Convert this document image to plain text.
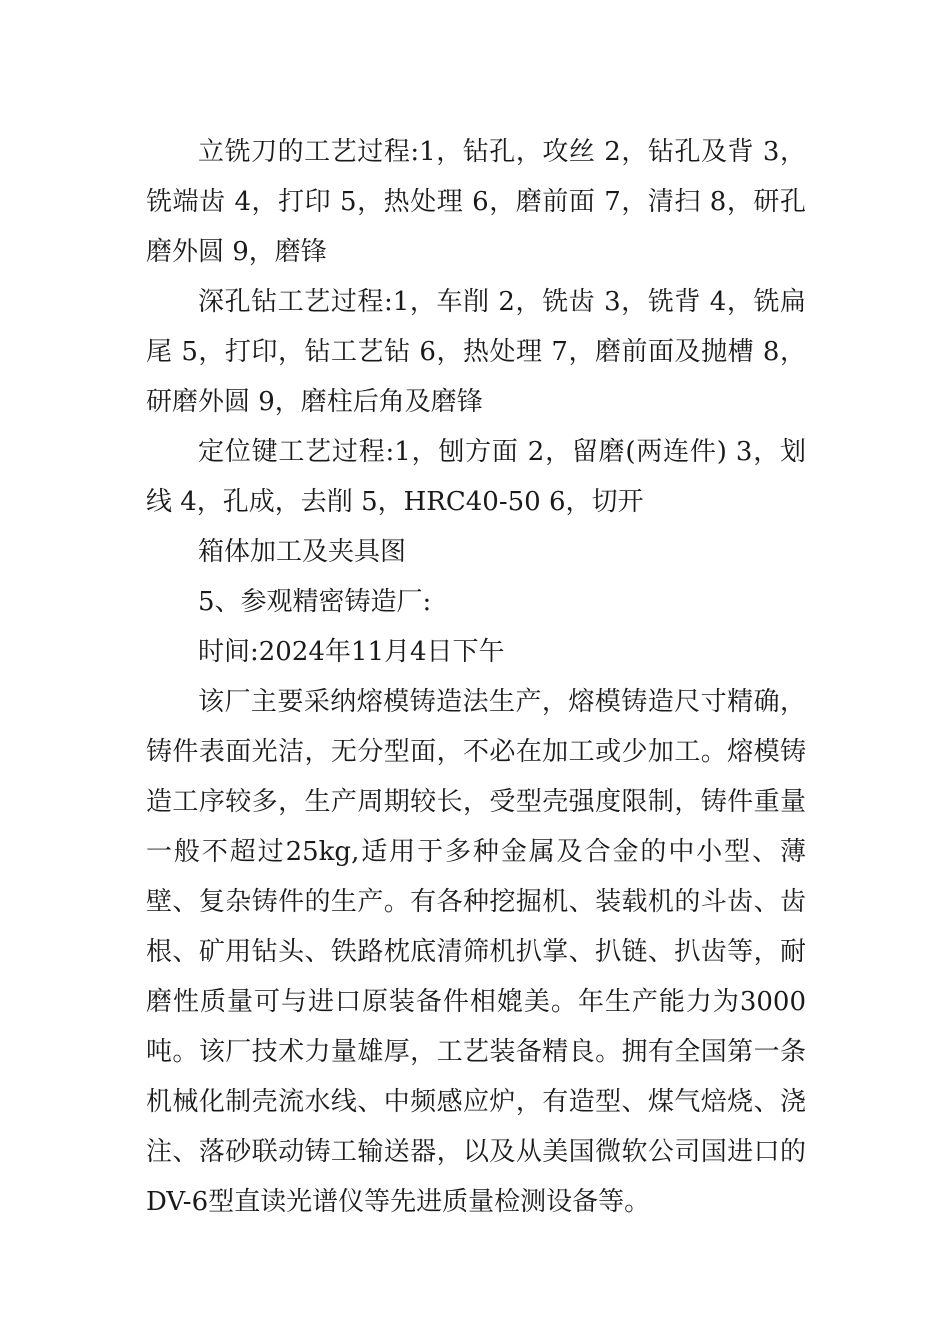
立铣刀的工艺过程:1，钻孔，攻丝 2，钻孔及背 3，铣端齿 4，打印 5，热处理 6，磨前面 7，清扫 8，研孔磨外圆 9，磨锋

深孔钻工艺过程:1，车削 2，铣齿 3，铣背 4，铣扁尾 5，打印，钻工艺钻 6，热处理 7，磨前面及抛槽 8，研磨外圆 9，磨柱后角及磨锋

定位键工艺过程:1，刨方面 2，留磨(两连件) 3，划线 4，孔成，去削 5，HRC40-50 6，切开

箱体加工及夹具图

5、参观精密铸造厂:

时间:2024年11月4日下午

该厂主要采纳熔模铸造法生产，熔模铸造尺寸精确，铸件表面光洁，无分型面，不必在加工或少加工。熔模铸造工序较多，生产周期较长，受型壳强度限制，铸件重量一般不超过25kg,适用于多种金属及合金的中小型、薄壁、复杂铸件的生产。有各种挖掘机、装载机的斗齿、齿根、矿用钻头、铁路枕底清筛机扒掌、扒链、扒齿等，耐磨性质量可与进口原装备件相媲美。年生产能力为3000吨。该厂技术力量雄厚，工艺装备精良。拥有全国第一条机械化制壳流水线、中频感应炉，有造型、煤气焙烧、浇注、落砂联动铸工输送器，以及从美国微软公司国进口的DV-6型直读光谱仪等先进质量检测设备等。
